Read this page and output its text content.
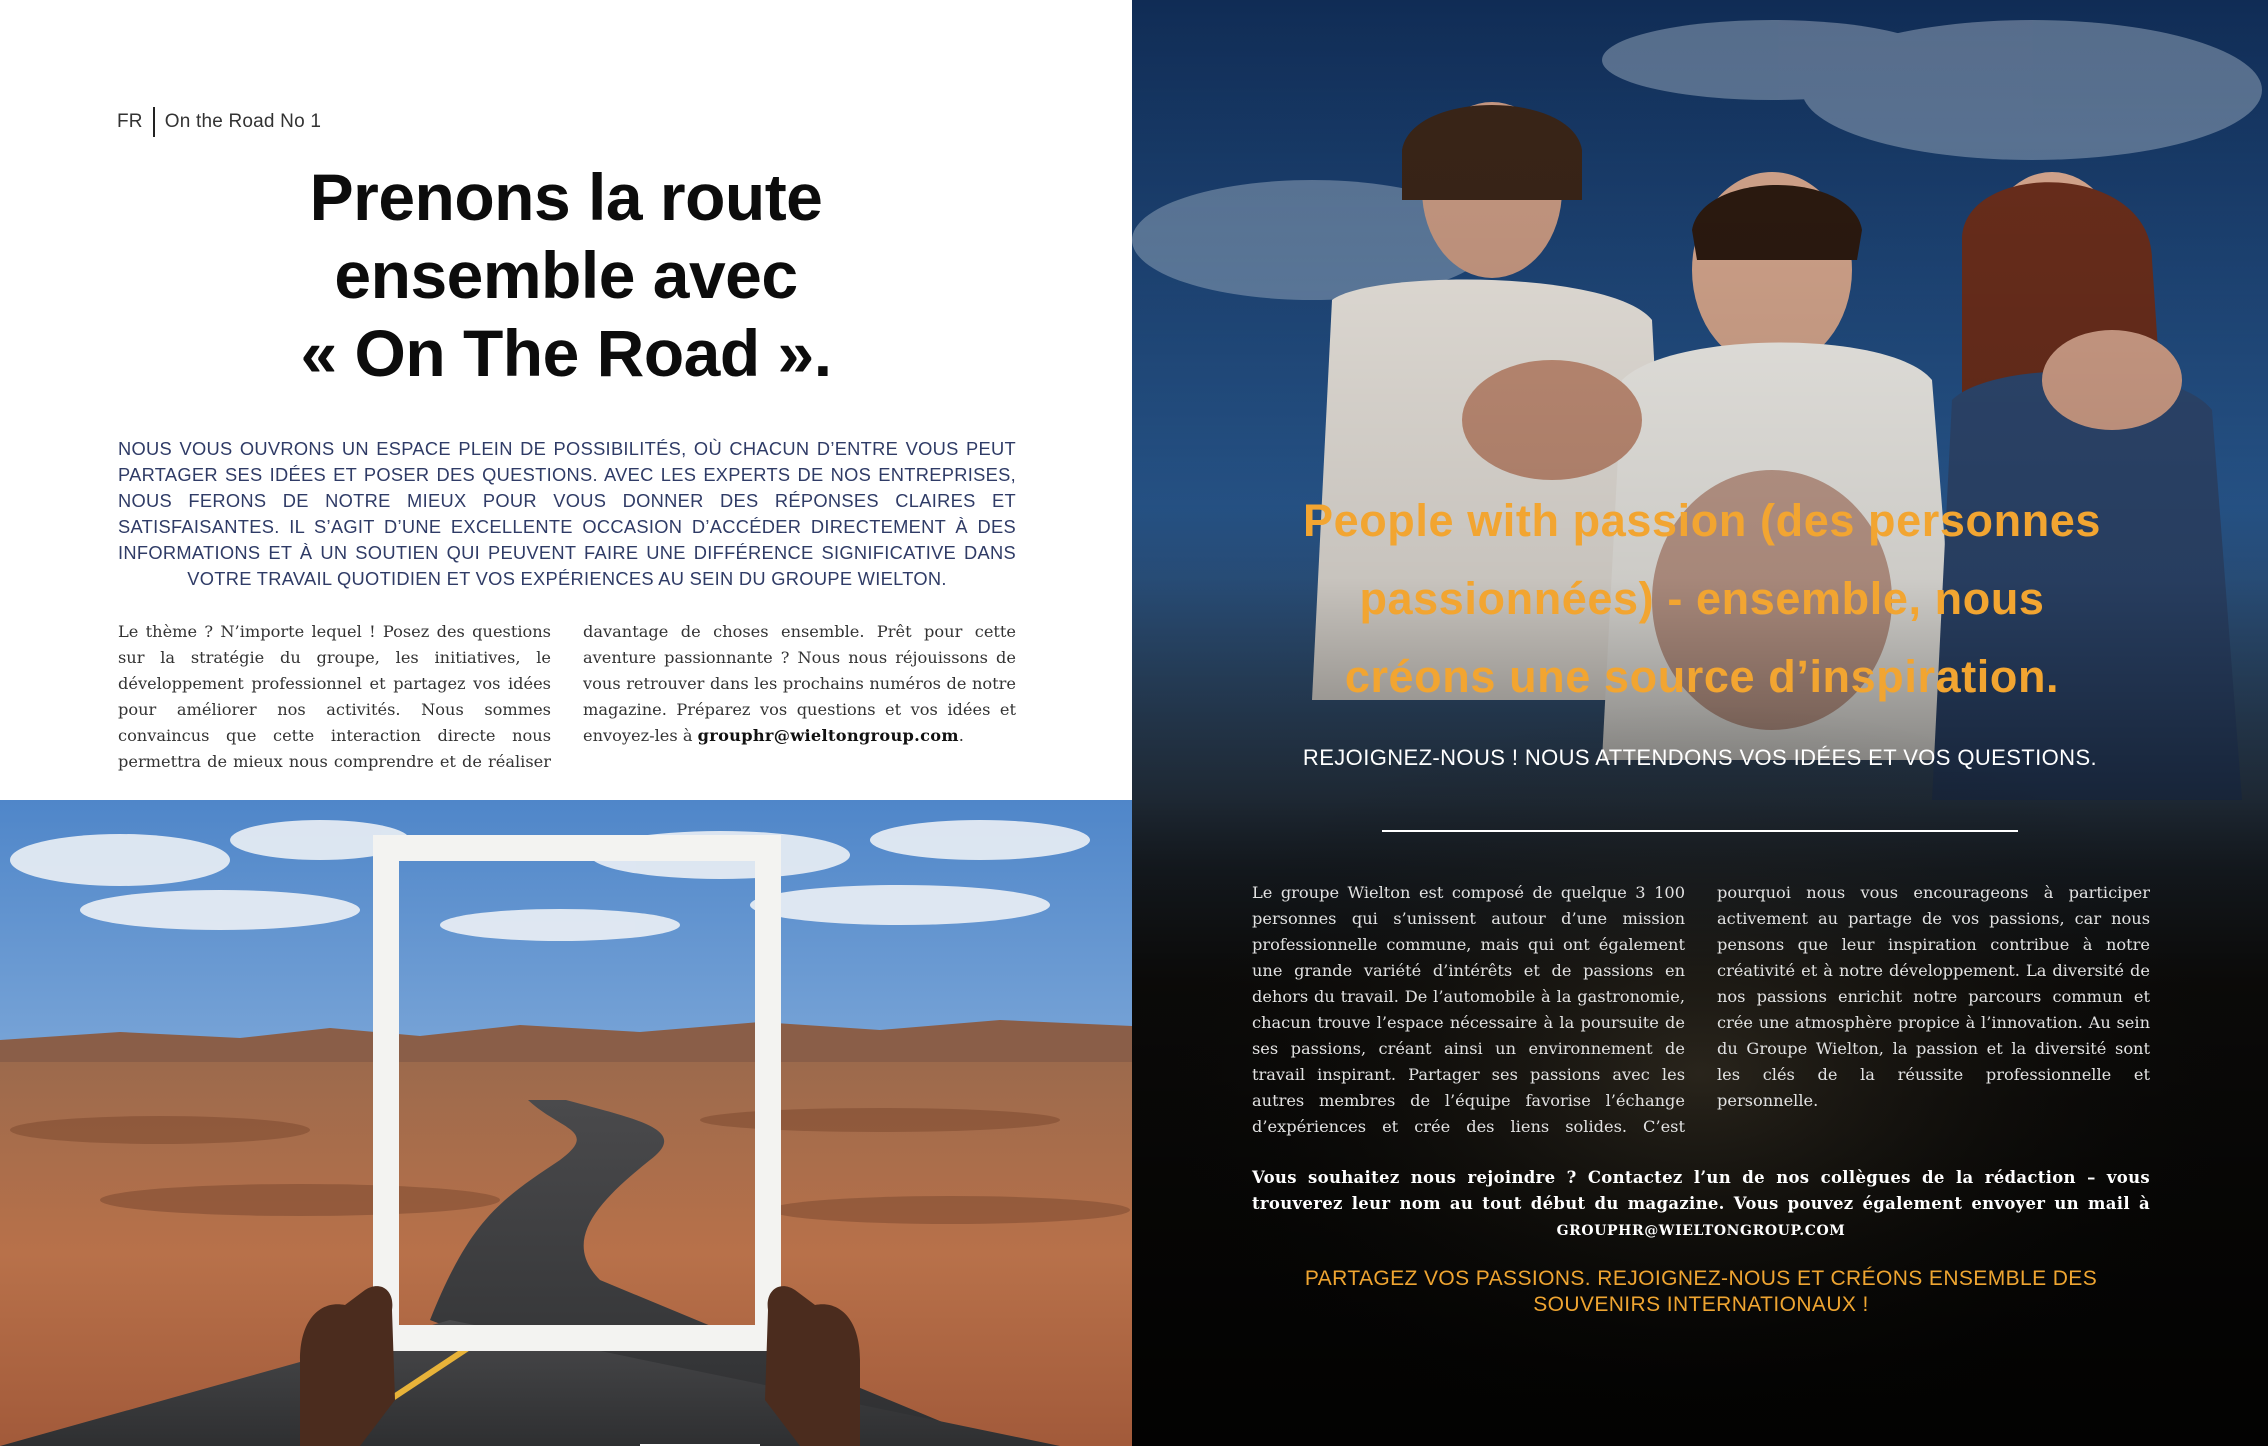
FR On the Road No 1
Prenons la route
ensemble avec
« On The Road ».

NOUS VOUS OUVRONS UN ESPACE PLEIN DE POSSIBILITÉS, OÙ CHACUN D’ENTRE VOUS PEUT PARTAGER SES IDÉES ET POSER DES QUESTIONS. AVEC LES EXPERTS DE NOS ENTREPRISES, NOUS FERONS DE NOTRE MIEUX POUR VOUS DONNER DES RÉPONSES CLAIRES ET SATISFAISANTES. IL S’AGIT D’UNE EXCELLENTE OCCASION D’ACCÉDER DIRECTEMENT À DES INFORMATIONS ET À UN SOUTIEN QUI PEUVENT FAIRE UNE DIFFÉRENCE SIGNIFICATIVE DANS VOTRE TRAVAIL QUOTIDIEN ET VOS EXPÉRIENCES AU SEIN DU GROUPE WIELTON.

Le thème ? N’importe lequel ! Posez des questions sur la stratégie du groupe, les initiatives, le développement professionnel et partagez vos idées pour améliorer nos activités. Nous sommes convaincus que cette interaction directe nous permettra de mieux nous comprendre et de réaliser davantage de choses ensemble. Prêt pour cette aventure passionnante ? Nous nous réjouissons de vous retrouver dans les prochains numéros de notre magazine. Préparez vos questions et vos idées et envoyez-les à grouphr@wieltongroup.com.

People with passion (des personnes
passionnées) - ensemble, nous
créons une source d’inspiration.
REJOIGNEZ-NOUS ! NOUS ATTENDONS VOS IDÉES ET VOS QUESTIONS.

Le groupe Wielton est composé de quelque 3 100 personnes qui s’unissent autour d’une mission professionnelle commune, mais qui ont également une grande variété d’intérêts et de passions en dehors du travail. De l’automobile à la gastronomie, chacun trouve l’espace nécessaire à la poursuite de ses passions, créant ainsi un environnement de travail inspirant. Partager ses passions avec les autres membres de l’équipe favorise l’échange d’expériences et crée des liens solides. C’est pourquoi nous vous encourageons à participer activement au partage de vos passions, car nous pensons que leur inspiration contribue à notre créativité et à notre développement. La diversité de nos passions enrichit notre parcours commun et crée une atmosphère propice à l’innovation. Au sein du Groupe Wielton, la passion et la diversité sont les clés de la réussite professionnelle et personnelle.

Vous souhaitez nous rejoindre ? Contactez l’un de nos collègues de la rédaction – vous trouverez leur nom au tout début du magazine. Vous pouvez également envoyer un mail à GROUPHR@WIELTONGROUP.COM

PARTAGEZ VOS PASSIONS. REJOIGNEZ-NOUS ET CRÉONS ENSEMBLE DES SOUVENIRS INTERNATIONAUX !
